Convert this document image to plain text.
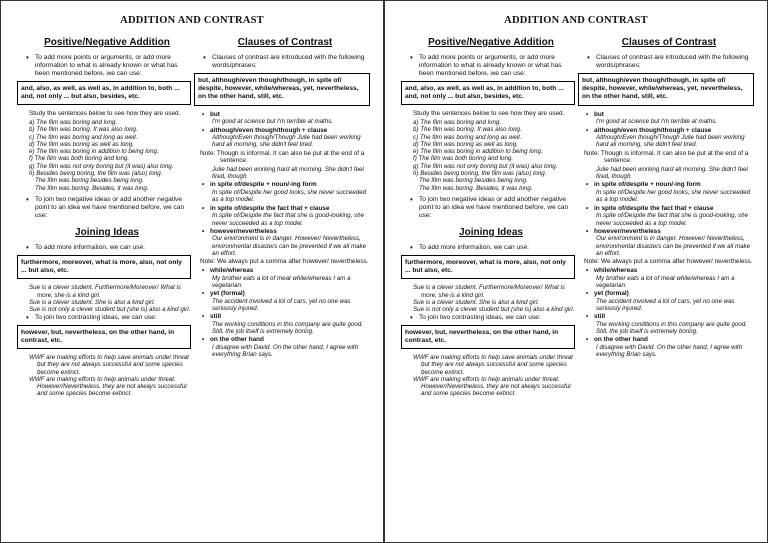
ADDITION AND CONTRAST
Positive/Negative Addition
• To add more points or arguments, or add more information to what is already known or what has been mentioned before, we can use:
and, also, as well, as well as, in addition to, both ... and, not only ... but also, besides, etc.
Study the sentences below to see how they are used.
a) The film was boring and long.
b) The film was boring. It was also long.
c) The film was boring and long as well.
d) The film was boring as well as long.
e) The film was boring in addition to being long.
f) The film was both boring and long.
g) The film was not only boring but (it was) also long.
h) Besides being boring, the film was (also) long.
The film was boring besides being long.
The film was boring. Besides, it was long.
• To join two negative ideas or add another negative point to an idea we have mentioned before, we can use:
Joining Ideas
• To add more information, we can use:
furthermore, moreover, what is more, also, not only ... but also, etc.
Sue is a clever student. Furthermore/Moreover/ What is more, she is a kind girl.
Sue is a clever student. She is also a kind girl.
Sue is not only a clever student but (she is) also a kind girl.
• To join two contrasting ideas, we can use:
however, but, nevertheless, on the other hand, in contrast, etc.
WWF are making efforts to help save animals under threat but they are not always successful and some species become extinct.
WWF are making efforts to help animals under threat. However/Nevertheless, they are not always successful and some species become extinct.
Clauses of Contrast
• Clauses of contrast are introduced with the following words/phrases:
but, although/even though/though, in spite of/ despite, however, while/whereas, yet, nevertheless, on the other hand, still, etc.
• but
I'm good at science but I'm terrible at maths.
• although/even though/though + clause
Although/Even though/Though Julie had been working hard all morning, she didn't feel tired.
Note: Though is informal. It can also be put at the end of a sentence.
Julie had been working hard all morning. She didn't feel tired, though.
• in spite of/despite + noun/-ing form
In spite of/Despite her good looks, she never succeeded as a top model.
• in spite of/despite the fact that + clause
In spite of/Despite the fact that she is good-looking, she never succeeded as a top model.
• however/nevertheless
Our environment is in danger. However/ Nevertheless, environmental disasters can be prevented if we all make an effort.
Note: We always put a comma after however/ nevertheless.
• while/whereas
My brother eats a lot of meat while/whereas I am a vegetarian.
• yet (formal)
The accident involved a lot of cars, yet no one was seriously injured.
• still
The working conditions in this company are quite good. Still, the job itself is extremely boring.
• on the other hand
I disagree with David. On the other hand, I agree with everything Brian says.
ADDITION AND CONTRAST
Positive/Negative Addition
• To add more points or arguments, or add more information to what is already known or what has been mentioned before, we can use:
and, also, as well, as well as, in addition to, both ... and, not only ... but also, besides, etc.
Study the sentences below to see how they are used.
a) The film was boring and long.
b) The film was boring. It was also long.
c) The film was boring and long as well.
d) The film was boring as well as long.
e) The film was boring in addition to being long.
f) The film was both boring and long.
g) The film was not only boring but (it was) also long.
h) Besides being boring, the film was (also) long.
The film was boring besides being long.
The film was boring. Besides, it was long.
• To join two negative ideas or add another negative point to an idea we have mentioned before, we can use:
Joining Ideas
• To add more information, we can use:
furthermore, moreover, what is more, also, not only ... but also, etc.
Sue is a clever student. Furthermore/Moreover/ What is more, she is a kind girl.
Sue is a clever student. She is also a kind girl.
Sue is not only a clever student but (she is) also a kind girl.
• To join two contrasting ideas, we can use:
however, but, nevertheless, on the other hand, in contrast, etc.
WWF are making efforts to help save animals under threat but they are not always successful and some species become extinct.
WWF are making efforts to help animals under threat. However/Nevertheless, they are not always successful and some species become extinct.
Clauses of Contrast
• Clauses of contrast are introduced with the following words/phrases:
but, although/even though/though, in spite of/ despite, however, while/whereas, yet, nevertheless, on the other hand, still, etc.
• but
I'm good at science but I'm terrible at maths.
• although/even though/though + clause
Although/Even though/Though Julie had been working hard all morning, she didn't feel tired.
Note: Though is informal. It can also be put at the end of a sentence.
Julie had been working hard all morning. She didn't feel tired, though.
• in spite of/despite + noun/-ing form
In spite of/Despite her good looks, she never succeeded as a top model.
• in spite of/despite the fact that + clause
In spite of/Despite the fact that she is good-looking, she never succeeded as a top model.
• however/nevertheless
Our environment is in danger. However/ Nevertheless, environmental disasters can be prevented if we all make an effort.
Note: We always put a comma after however/ nevertheless.
• while/whereas
My brother eats a lot of meat while/whereas I am a vegetarian.
• yet (formal)
The accident involved a lot of cars, yet no one was seriously injured.
• still
The working conditions in this company are quite good. Still, the job itself is extremely boring.
• on the other hand
I disagree with David. On the other hand, I agree with everything Brian says.
